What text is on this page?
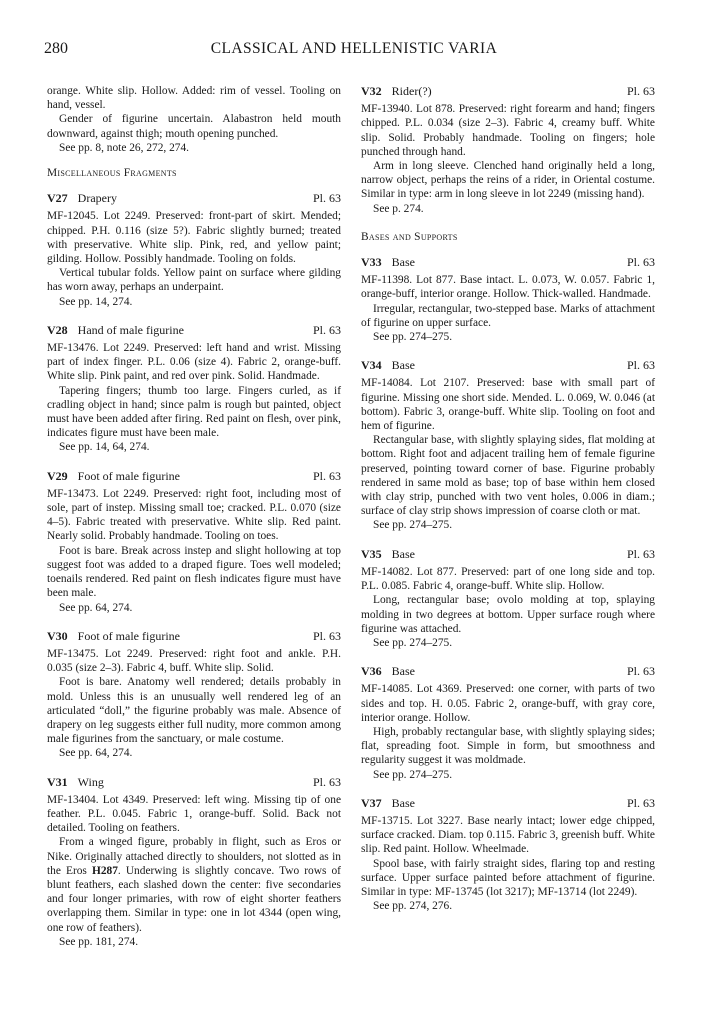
280	CLASSICAL AND HELLENISTIC VARIA

orange. White slip. Hollow. Added: rim of vessel. Tooling on hand, vessel.

Gender of figurine uncertain. Alabastron held mouth downward, against thigh; mouth opening punched.

See pp. 8, note 26, 272, 274.

Miscellaneous Fragments
V27 Drapery	Pl. 63

MF-12045. Lot 2249. Preserved: front-part of skirt. Mended; chipped. P.H. 0.116 (size 5?). Fabric slightly burned; treated with preservative. White slip. Pink, red, and yellow paint; gilding. Hollow. Possibly handmade. Tooling on folds.

Vertical tubular folds. Yellow paint on surface where gilding has worn away, perhaps an underpaint.

See pp. 14, 274.

V28 Hand of male figurine	Pl. 63

MF-13476. Lot 2249. Preserved: left hand and wrist. Missing part of index finger. P.L. 0.06 (size 4). Fabric 2, orange-buff. White slip. Pink paint, and red over pink. Solid. Handmade.

Tapering fingers; thumb too large. Fingers curled, as if cradling object in hand; since palm is rough but painted, object must have been added after firing. Red paint on flesh, over pink, indicates figure must have been male.

See pp. 14, 64, 274.

V29 Foot of male figurine	Pl. 63

MF-13473. Lot 2249. Preserved: right foot, including most of sole, part of instep. Missing small toe; cracked. P.L. 0.070 (size 4–5). Fabric treated with preservative. White slip. Red paint. Nearly solid. Probably handmade. Tooling on toes.

Foot is bare. Break across instep and slight hollowing at top suggest foot was added to a draped figure. Toes well modeled; toenails rendered. Red paint on flesh indicates figure must have been male.

See pp. 64, 274.

V30 Foot of male figurine	Pl. 63

MF-13475. Lot 2249. Preserved: right foot and ankle. P.H. 0.035 (size 2–3). Fabric 4, buff. White slip. Solid.

Foot is bare. Anatomy well rendered; details probably in mold. Unless this is an unusually well rendered leg of an articulated “doll,” the figurine probably was male. Absence of drapery on leg suggests either full nudity, more common among male figurines from the sanctuary, or male costume.

See pp. 64, 274.

V31 Wing	Pl. 63

MF-13404. Lot 4349. Preserved: left wing. Missing tip of one feather. P.L. 0.045. Fabric 1, orange-buff. Solid. Back not detailed. Tooling on feathers.

From a winged figure, probably in flight, such as Eros or Nike. Originally attached directly to shoulders, not slotted as in the Eros H287. Underwing is slightly concave. Two rows of blunt feathers, each slashed down the center: five secondaries and four longer primaries, with row of eight shorter feathers overlapping them. Similar in type: one in lot 4344 (open wing, one row of feathers).

See pp. 181, 274.

V32 Rider(?)	Pl. 63

MF-13940. Lot 878. Preserved: right forearm and hand; fingers chipped. P.L. 0.034 (size 2–3). Fabric 4, creamy buff. White slip. Solid. Probably handmade. Tooling on fingers; hole punched through hand.

Arm in long sleeve. Clenched hand originally held a long, narrow object, perhaps the reins of a rider, in Oriental costume. Similar in type: arm in long sleeve in lot 2249 (missing hand).

See p. 274.

Bases and Supports
V33 Base	Pl. 63

MF-11398. Lot 877. Base intact. L. 0.073, W. 0.057. Fabric 1, orange-buff, interior orange. Hollow. Thick-walled. Handmade.

Irregular, rectangular, two-stepped base. Marks of attachment of figurine on upper surface.

See pp. 274–275.

V34 Base	Pl. 63

MF-14084. Lot 2107. Preserved: base with small part of figurine. Missing one short side. Mended. L. 0.069, W. 0.046 (at bottom). Fabric 3, orange-buff. White slip. Tooling on foot and hem of figurine.

Rectangular base, with slightly splaying sides, flat molding at bottom. Right foot and adjacent trailing hem of female figurine preserved, pointing toward corner of base. Figurine probably rendered in same mold as base; top of base within hem closed with clay strip, punched with two vent holes, 0.006 in diam.; surface of clay strip shows impression of coarse cloth or mat.

See pp. 274–275.

V35 Base	Pl. 63

MF-14082. Lot 877. Preserved: part of one long side and top. P.L. 0.085. Fabric 4, orange-buff. White slip. Hollow.

Long, rectangular base; ovolo molding at top, splaying molding in two degrees at bottom. Upper surface rough where figurine was attached.

See pp. 274–275.

V36 Base	Pl. 63

MF-14085. Lot 4369. Preserved: one corner, with parts of two sides and top. H. 0.05. Fabric 2, orange-buff, with gray core, interior orange. Hollow.

High, probably rectangular base, with slightly splaying sides; flat, spreading foot. Simple in form, but smoothness and regularity suggest it was moldmade.

See pp. 274–275.

V37 Base	Pl. 63

MF-13715. Lot 3227. Base nearly intact; lower edge chipped, surface cracked. Diam. top 0.115. Fabric 3, greenish buff. White slip. Red paint. Hollow. Wheelmade.

Spool base, with fairly straight sides, flaring top and resting surface. Upper surface painted before attachment of figurine. Similar in type: MF-13745 (lot 3217); MF-13714 (lot 2249).

See pp. 274, 276.
